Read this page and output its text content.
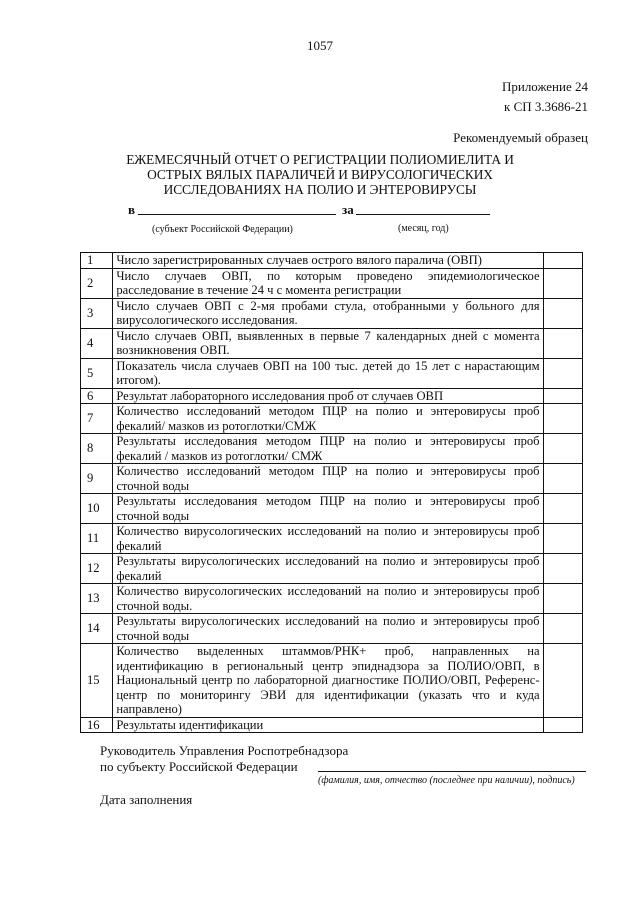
1057
Приложение 24
к СП 3.3686-21
Рекомендуемый образец
ЕЖЕМЕСЯЧНЫЙ ОТЧЕТ О РЕГИСТРАЦИИ ПОЛИОМИЕЛИТА И ОСТРЫХ ВЯЛЫХ ПАРАЛИЧЕЙ И ВИРУСОЛОГИЧЕСКИХ ИССЛЕДОВАНИЯХ НА ПОЛИО И ЭНТЕРОВИРУСЫ
в	за
(субъект Российской Федерации)	(месяц, год)
1	Число зарегистрированных случаев острого вялого паралича (ОВП)	
2	Число случаев ОВП, по которым проведено эпидемиологическое расследование в течение 24 ч с момента регистрации	
3	Число случаев ОВП с 2-мя пробами стула, отобранными у больного для вирусологического исследования.	
4	Число случаев ОВП, выявленных в первые 7 календарных дней с момента возникновения ОВП.	
5	Показатель числа случаев ОВП на 100 тыс. детей до 15 лет с нарастающим итогом).	
6	Результат лабораторного исследования проб от случаев ОВП	
7	Количество исследований методом ПЦР на полио и энтеровирусы проб фекалий/ мазков из ротоглотки/СМЖ	
8	Результаты исследования методом ПЦР на полио и энтеровирусы проб фекалий / мазков из ротоглотки/ СМЖ	
9	Количество исследований методом ПЦР на полио и энтеровирусы проб сточной воды	
10	Результаты исследования методом ПЦР на полио и энтеровирусы проб сточной воды	
11	Количество вирусологических исследований на полио и энтеровирусы проб фекалий	
12	Результаты вирусологических исследований на полио и энтеровирусы проб фекалий	
13	Количество вирусологических исследований на полио и энтеровирусы проб сточной воды.	
14	Результаты вирусологических исследований на полио и энтеровирусы проб сточной воды	
15	Количество выделенных штаммов/РНК+ проб, направленных на идентификацию в региональный центр эпиднадзора за ПОЛИО/ОВП, в Национальный центр по лабораторной диагностике ПОЛИО/ОВП, Референс-центр по мониторингу ЭВИ для идентификации (указать что и куда направлено)	
16	Результаты идентификации	
Руководитель Управления Роспотребнадзора
по субъекту Российской Федерации
(фамилия, имя, отчество (последнее при наличии), подпись)
Дата заполнения
